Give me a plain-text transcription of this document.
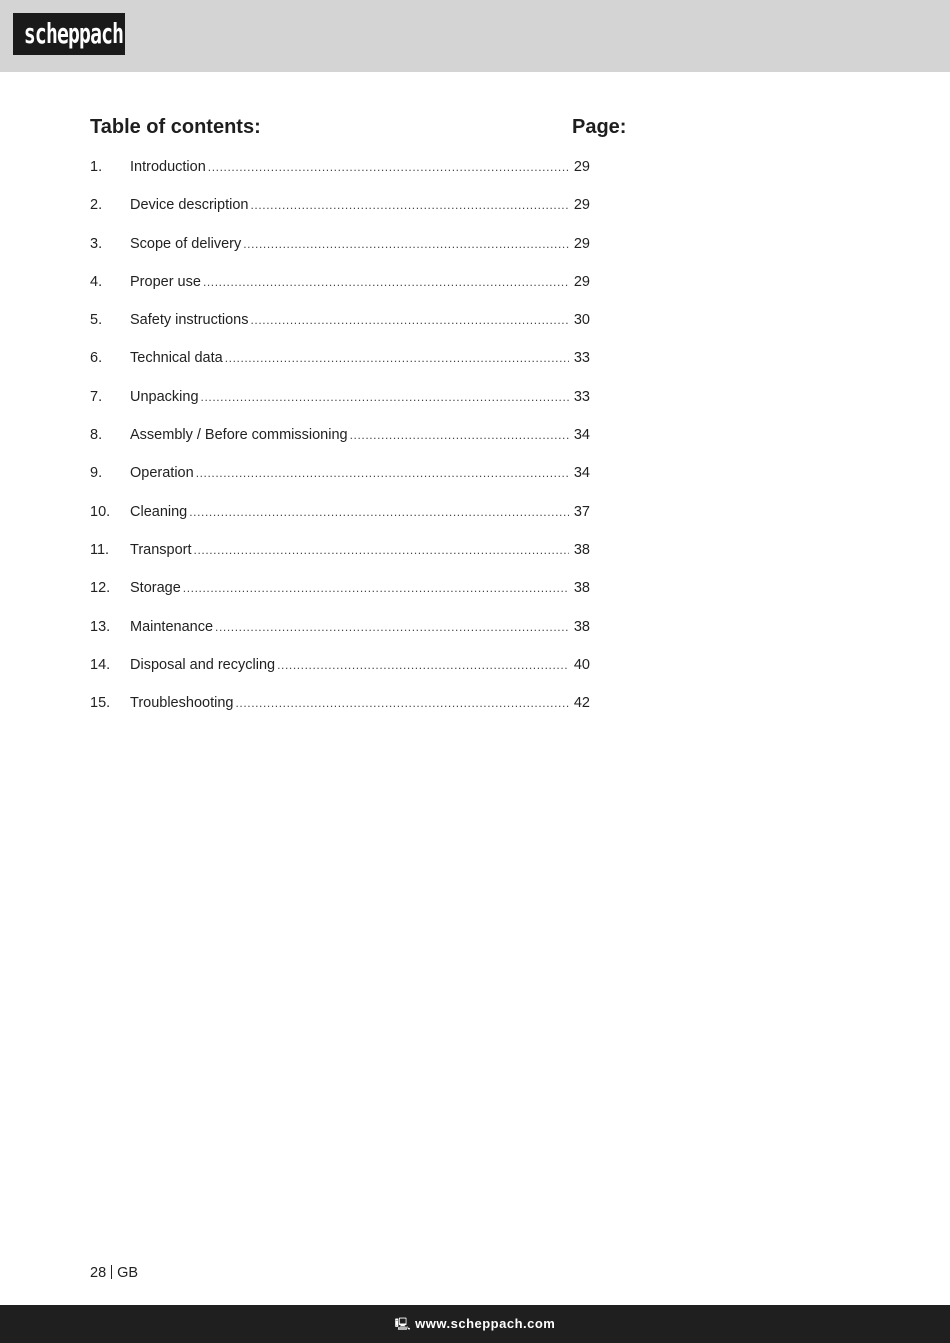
scheppach
Table of contents:	Page:
1.	Introduction .....	29
2.	Device description .....	29
3.	Scope of delivery .....	29
4.	Proper use .....	29
5.	Safety instructions .....	30
6.	Technical data .....	33
7.	Unpacking .....	33
8.	Assembly / Before commissioning .....	34
9.	Operation .....	34
10.	Cleaning .....	37
11.	Transport .....	38
12.	Storage .....	38
13.	Maintenance .....	38
14.	Disposal and recycling .....	40
15.	Troubleshooting .....	42
28 GB
🖳 www.scheppach.com
